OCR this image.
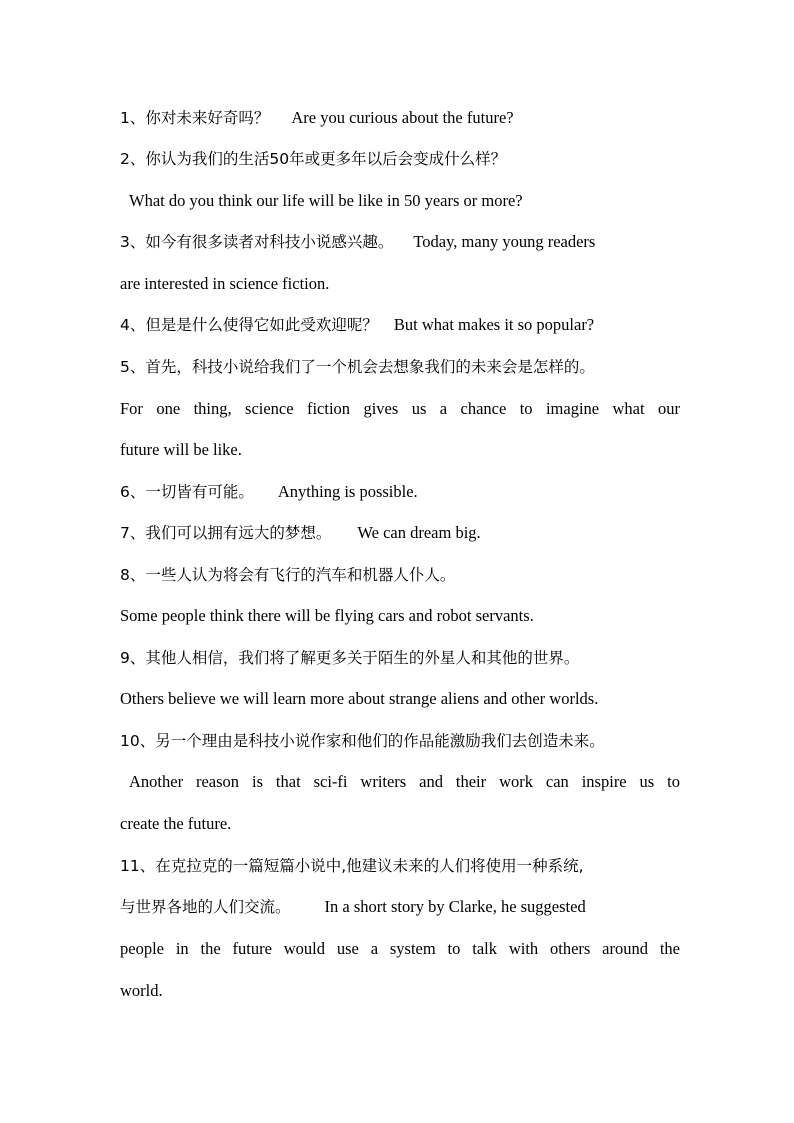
1、你对未来好奇吗？ Are you curious about the future?
2、你认为我们的生活50年或更多年以后会变成什么样？
What do you think our life will be like in 50 years or more?
3、如今有很多读者对科技小说感兴趣。 Today, many young readers
are interested in science fiction.
4、但是是什么使得它如此受欢迎呢？ But what makes it so popular?
5、首先，科技小说给我们了一个机会去想象我们的未来会是怎样的。
For one thing, science fiction gives us a chance to imagine what our
future will be like.
6、一切皆有可能。 Anything is possible.
7、我们可以拥有远大的梦想。 We can dream big.
8、一些人认为将会有飞行的汽车和机器人仆人。
Some people think there will be flying cars and robot servants.
9、其他人相信，我们将了解更多关于陌生的外星人和其他的世界。
Others believe we will learn more about strange aliens and other worlds.
10、另一个理由是科技小说作家和他们的作品能激励我们去创造未来。
Another reason is that sci-fi writers and their work can inspire us to
create the future.
11、在克拉克的一篇短篇小说中,他建议未来的人们将使用一种系统,
与世界各地的人们交流。 In a short story by Clarke, he suggested
people in the future would use a system to talk with others around the
world.
